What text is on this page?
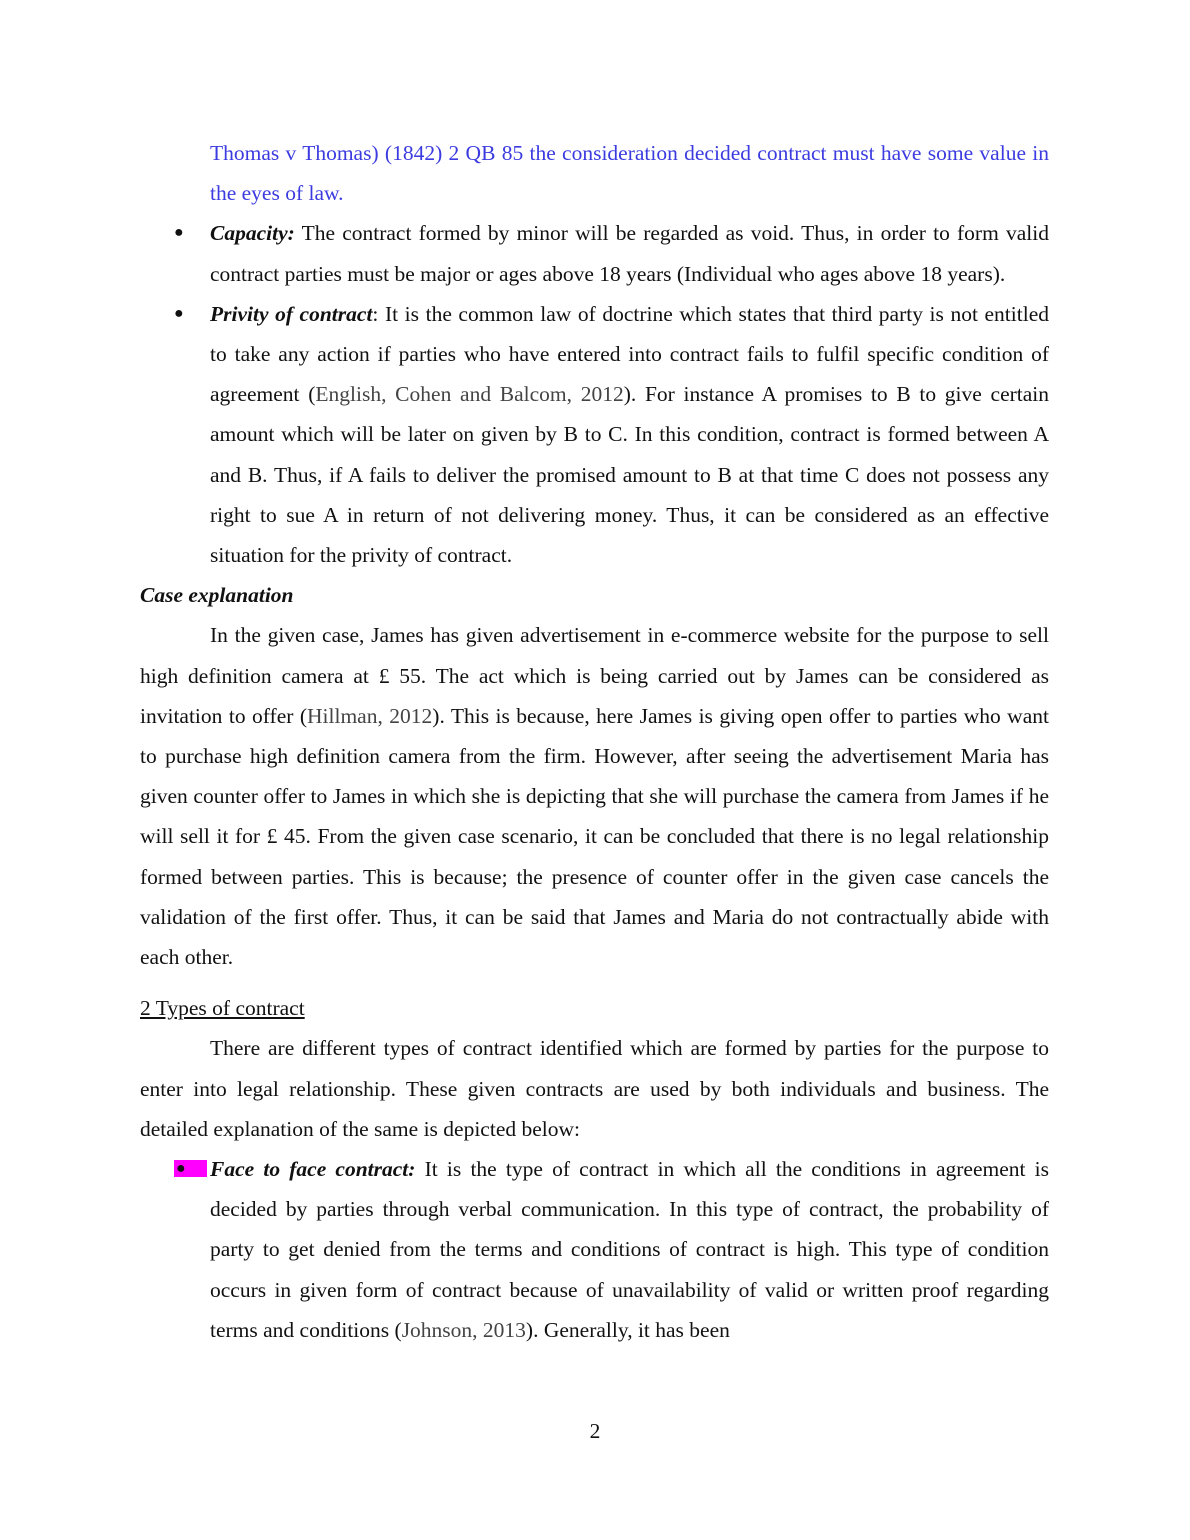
Thomas v Thomas) (1842) 2 QB 85 the consideration decided contract must have some value in the eyes of law.

●	Capacity: The contract formed by minor will be regarded as void. Thus, in order to form valid contract parties must be major or ages above 18 years (Individual who ages above 18 years).
●	Privity of contract: It is the common law of doctrine which states that third party is not entitled to take any action if parties who have entered into contract fails to fulfil specific condition of agreement (English, Cohen and Balcom, 2012). For instance A promises to B to give certain amount which will be later on given by B to C. In this condition, contract is formed between A and B. Thus, if A fails to deliver the promised amount to B at that time C does not possess any right to sue A in return of not delivering money. Thus, it can be considered as an effective situation for the privity of contract.

Case explanation

In the given case, James has given advertisement in e-commerce website for the purpose to sell high definition camera at £ 55. The act which is being carried out by James can be considered as invitation to offer (Hillman, 2012). This is because, here James is giving open offer to parties who want to purchase high definition camera from the firm. However, after seeing the advertisement Maria has given counter offer to James in which she is depicting that she will purchase the camera from James if he will sell it for £ 45. From the given case scenario, it can be concluded that there is no legal relationship formed between parties. This is because; the presence of counter offer in the given case cancels the validation of the first offer. Thus, it can be said that James and Maria do not contractually abide with each other.

2 Types of contract

There are different types of contract identified which are formed by parties for the purpose to enter into legal relationship. These given contracts are used by both individuals and business. The detailed explanation of the same is depicted below:

●	Face to face contract: It is the type of contract in which all the conditions in agreement is decided by parties through verbal communication. In this type of contract, the probability of party to get denied from the terms and conditions of contract is high. This type of condition occurs in given form of contract because of unavailability of valid or written proof regarding terms and conditions (Johnson, 2013). Generally, it has been
2
